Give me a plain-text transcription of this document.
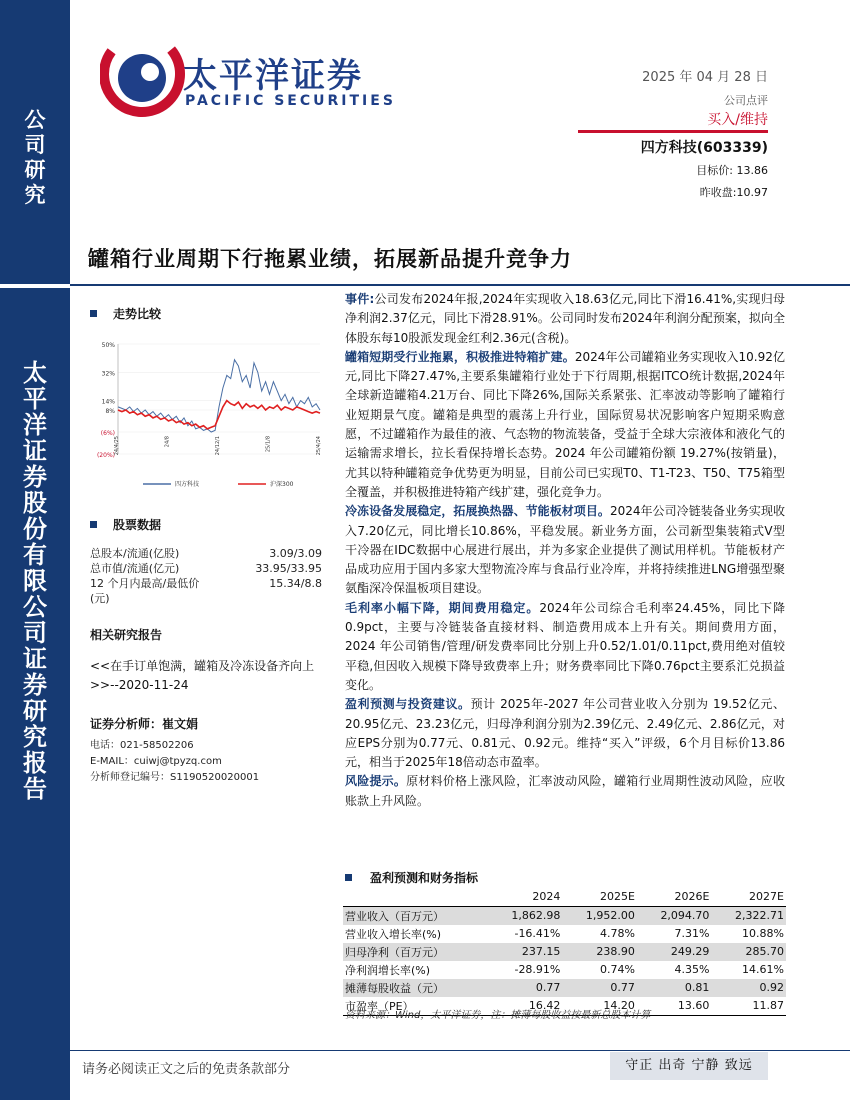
公司研究
太平洋证券股份有限公司证券研究报告
太平洋证券
PACIFIC SECURITIES
2025 年 04 月 28 日
公司点评
买入/维持
四方科技(603339)
目标价: 13.86
昨收盘:10.97
罐箱行业周期下行拖累业绩，拓展新品提升竞争力
走势比较
50%
32%
14%
8%
(6%)
(20%)
24/4/25	24/8	24/12/1	25/1/8	25/4/24
四方科技	沪深300
股票数据
总股本/流通(亿股)	3.09/3.09
总市值/流通(亿元)	33.95/33.95
12 个月内最高/最低价	15.34/8.8
(元)
相关研究报告
<<在手订单饱满，罐箱及冷冻设备齐向上>>--2020-11-24
证券分析师：崔文娟
电话：021-58502206
E-MAIL：cuiwj@tpyzq.com
分析师登记编号：S1190520020001

事件:公司发布2024年报,2024年实现收入18.63亿元,同比下滑16.41%,实现归母净利润2.37亿元，同比下滑28.91%。公司同时发布2024年利润分配预案，拟向全体股东每10股派发现金红利2.36元(含税)。

罐箱短期受行业拖累，积极推进特箱扩建。2024年公司罐箱业务实现收入10.92亿元,同比下降27.47%,主要系集罐箱行业处于下行周期,根据ITCO统计数据,2024年全球新造罐箱4.21万台、同比下降26%,国际关系紧张、汇率波动等影响了罐箱行业短期景气度。罐箱是典型的震荡上升行业，国际贸易状况影响客户短期采购意愿，不过罐箱作为最佳的液、气态物的物流装备，受益于全球大宗液体和液化气的运输需求增长，拉长看保持增长态势。2024 年公司罐箱份额 19.27%(按销量)，尤其以特种罐箱竞争优势更为明显，目前公司已实现T0、T1-T23、T50、T75箱型全覆盖，并积极推进特箱产线扩建，强化竞争力。

冷冻设备发展稳定，拓展换热器、节能板材项目。2024年公司冷链装备业务实现收入7.20亿元，同比增长10.86%，平稳发展。新业务方面，公司新型集装箱式V型干冷器在IDC数据中心展进行展出，并为多家企业提供了测试用样机。节能板材产品成功应用于国内多家大型物流冷库与食品行业冷库，并将持续推进LNG增强型聚氨酯深冷保温板项目建设。

毛利率小幅下降，期间费用稳定。2024年公司综合毛利率24.45%，同比下降0.9pct，主要与冷链装备直接材料、制造费用成本上升有关。期间费用方面，2024 年公司销售/管理/研发费率同比分别上升0.52/1.01/0.11pct,费用绝对值较平稳,但因收入规模下降导致费率上升；财务费率同比下降0.76pct主要系汇兑损益变化。

盈利预测与投资建议。预计 2025年-2027 年公司营业收入分别为 19.52亿元、20.95亿元、23.23亿元，归母净利润分别为2.39亿元、2.49亿元、2.86亿元，对应EPS分别为0.77元、0.81元、0.92元。维持“买入”评级，6个月目标价13.86元，相当于2025年18倍动态市盈率。

风险提示。原材料价格上涨风险，汇率波动风险，罐箱行业周期性波动风险，应收账款上升风险。

盈利预测和财务指标
	2024	2025E	2026E	2027E
营业收入（百万元）	1,862.98	1,952.00	2,094.70	2,322.71
营业收入增长率(%)	-16.41%	4.78%	7.31%	10.88%
归母净利（百万元）	237.15	238.90	249.29	285.70
净利润增长率(%)	-28.91%	0.74%	4.35%	14.61%
摊薄每股收益（元）	0.77	0.77	0.81	0.92
市盈率（PE）	16.42	14.20	13.60	11.87
资料来源：Wind，太平洋证券，注：摊薄每股收益按最新总股本计算
请务必阅读正文之后的免责条款部分	守正 出奇 宁静 致远
